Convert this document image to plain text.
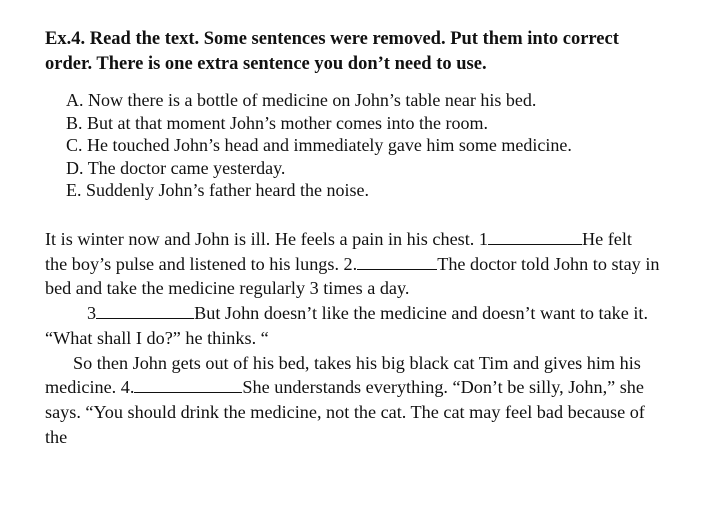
Ex.4. Read the text. Some sentences were removed. Put them into correct
order. There is one extra sentence you don’t need to use.
A. Now there is a bottle of medicine on John’s table near his bed.
B. But at that moment John’s mother comes into the room.
C. He touched John’s head and immediately gave him some medicine.
D. The doctor came yesterday.
E. Suddenly John’s father heard the noise.
It is winter now and John is ill. He feels a pain in his chest. 1	He felt
the boy’s pulse and listened to his lungs. 2.	The doctor told John to stay in
bed and take the medicine regularly 3 times a day.
3	But John doesn’t like the medicine and doesn’t want to take it.
“What shall I do?” he thinks. “
So then John gets out of his bed, takes his big black cat Tim and gives him his
medicine. 4.	She understands everything. “Don’t be silly, John,” she
says. “You should drink the medicine, not the cat. The cat may feel bad because of
the
